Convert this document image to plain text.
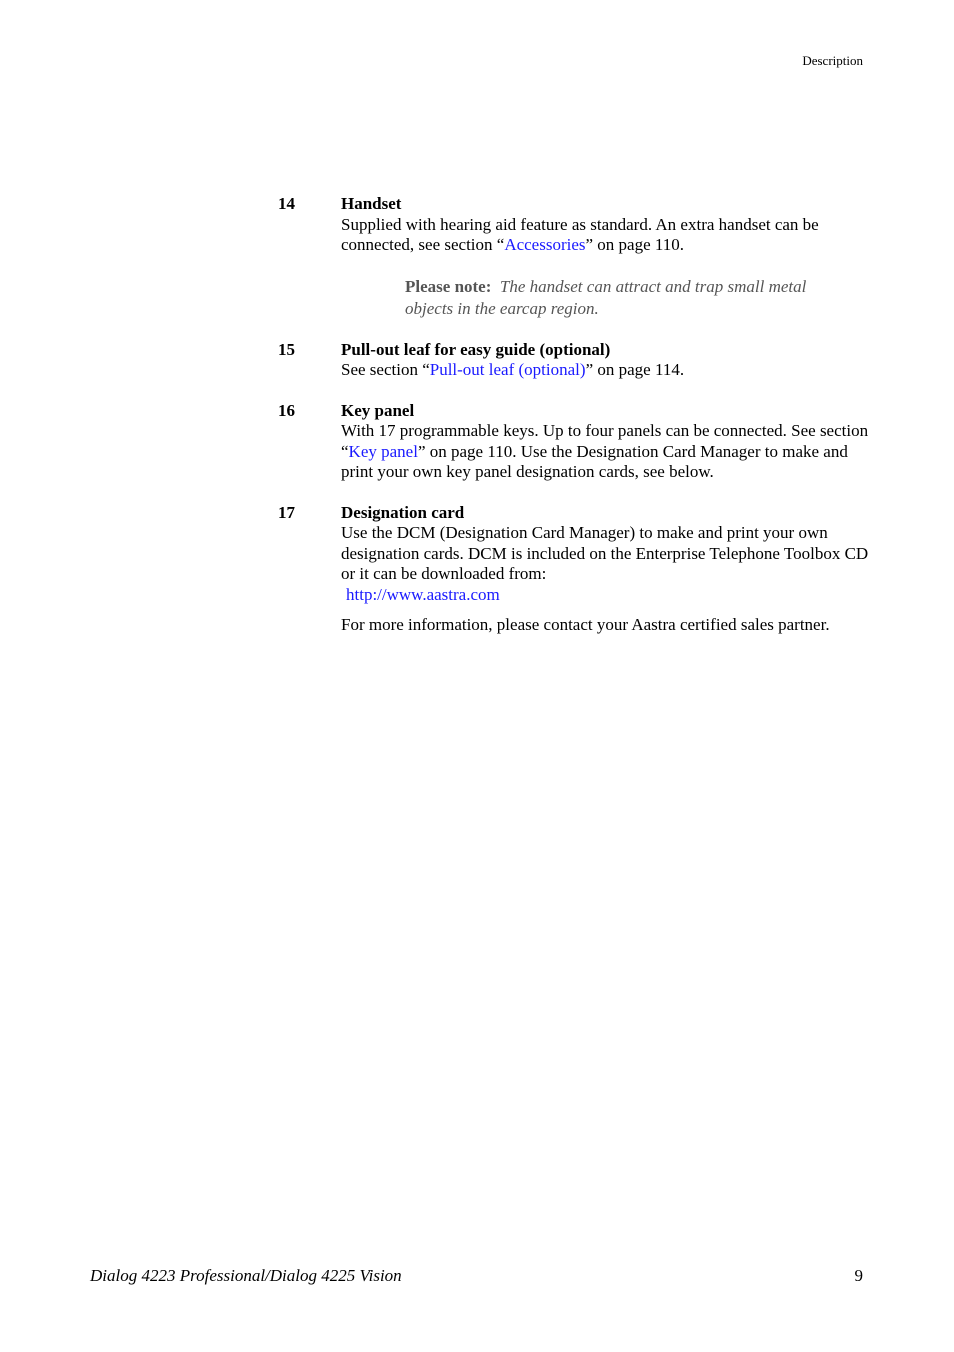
Description
14	Handset

Supplied with hearing aid feature as standard. An extra handset can be connected, see section “Accessories” on page 110.

Please note: The handset can attract and trap small metal objects in the earcap region.
15	Pull-out leaf for easy guide (optional)

See section “Pull-out leaf (optional)” on page 114.

16	Key panel

With 17 programmable keys. Up to four panels can be connected. See section “Key panel” on page 110. Use the Designation Card Manager to make and print your own key panel designation cards, see below.

17	Designation card

Use the DCM (Designation Card Manager) to make and print your own designation cards. DCM is included on the Enterprise Telephone Toolbox CD or it can be downloaded from:

http://www.aastra.com

For more information, please contact your Aastra certified sales partner.

Dialog 4223 Professional/Dialog 4225 Vision	9
